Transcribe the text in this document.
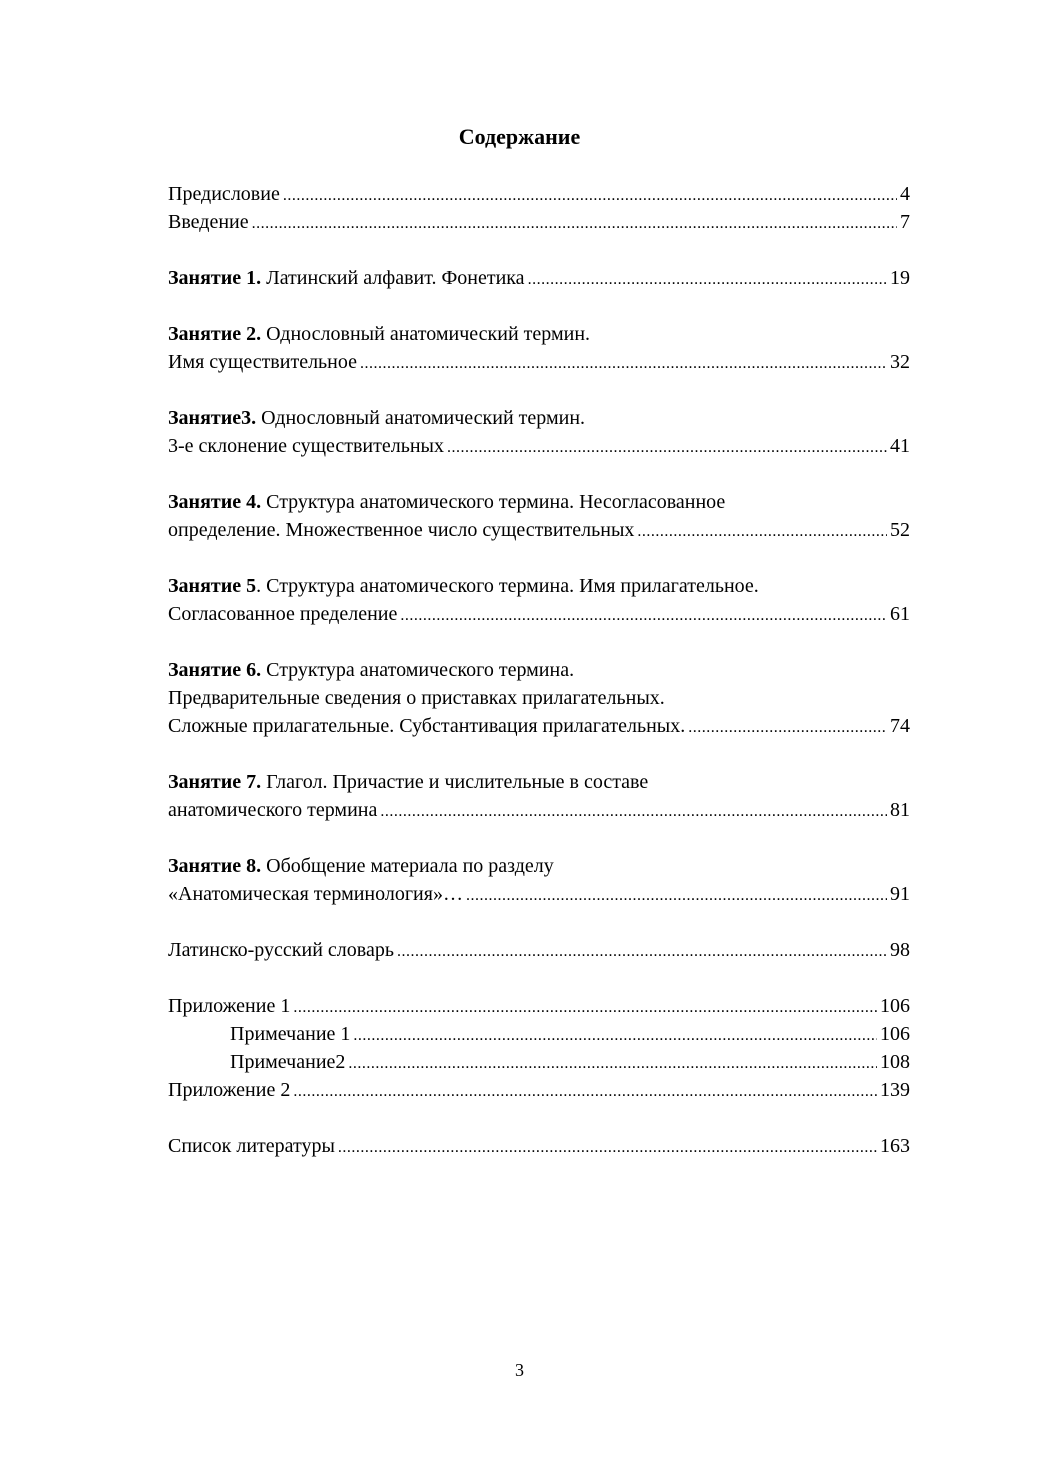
Содержание
Предисловие .....	4
Введение .....	7
Занятие 1. Латинский алфавит. Фонетика .....	19
Занятие 2. Однословный анатомический термин.
Имя существительное .....	32
Занятие3. Однословный анатомический термин.
3-е склонение существительных .....	41
Занятие 4. Структура анатомического термина. Несогласованное
определение. Множественное число существительных .....	52
Занятие 5. Структура анатомического термина. Имя прилагательное.
Согласованное пределение .....	61
Занятие 6. Структура анатомического термина.
Предварительные сведения о приставках прилагательных.
Сложные прилагательные. Субстантивация прилагательных. .....	74
Занятие 7. Глагол. Причастие и числительные в составе
анатомического термина .....	81
Занятие 8. Обобщение материала по разделу
«Анатомическая терминология»… .....	91
Латинско-русский словарь .....	98
Приложение 1 .....	106
Примечание 1 .....	106
Примечание2 .....	108
Приложение 2 .....	139
Список литературы .....	163
3
